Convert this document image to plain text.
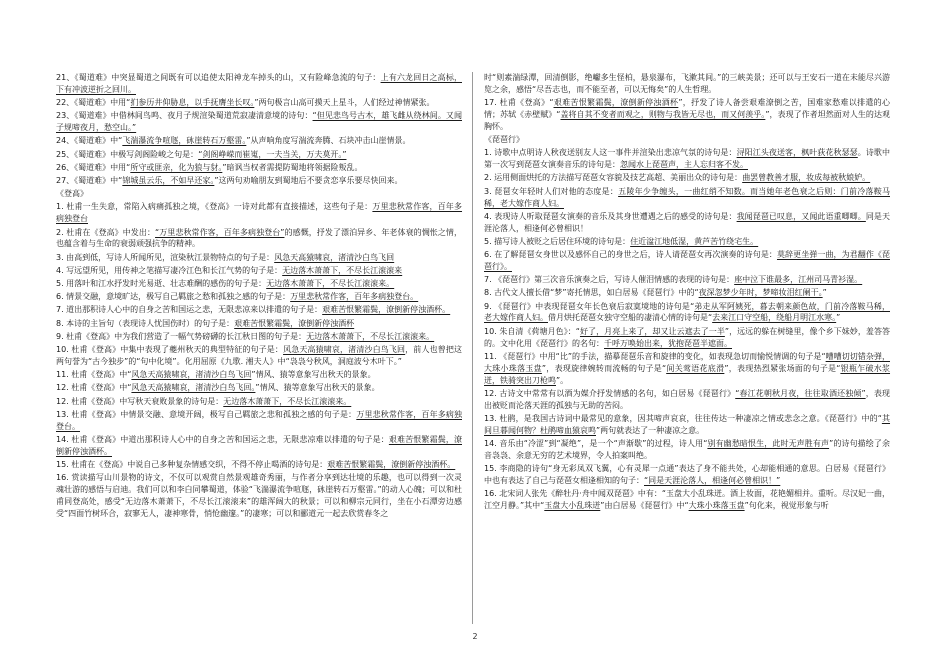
21、《蜀道难》中突显蜀道之间既有可以追使太阳神龙车掉头的山，又有险峰急流的句子：上有六龙回日之高标，下有冲波逆折之回川。
22、《蜀道难》中用“扪参历井仰胁息，以手抚膺坐长叹。”两句极言山高可摸天上星斗，人们经过神情紧张。
23、《蜀道难》中借林间鸟鸣、夜月子规渲染蜀道荒寂凄清意境的诗句：“但见悲鸟号古木，雄飞雌从绕林间。又闻子规啼夜月，愁空山。”
24、《蜀道难》中“飞湍瀑流争喧豗，砯崖转石万壑雷。”从声响角度写湍流奔腾、石块冲击山崖情景。
25、《蜀道难》中极写剑阁险峻之句是：“剑阁峥嵘而崔嵬，一夫当关，万夫莫开。”
26、《蜀道难》中用“所守或匪亲，化为狼与豺。”暗讽当权者需提防蜀地将领据险叛乱。
27、《蜀道难》中“锦城虽云乐，不如早还家。”这两句劝喻朋友到蜀地后不要贪恋享乐要尽快回来。
《登高》
1. 杜甫一生失意，常陷入病痛孤独之境，《登高》一诗对此都有直接描述，这些句子是：万里悲秋常作客，百年多病独登台
2. 杜甫在《登高》中发出：“万里悲秋常作客，百年多病独登台”的感慨，抒发了漂泊异乡、年老体衰的惆怅之情，也蕴含着与生命的衰弱顽强抗争的精神。
3. 由高到低，写诗人所闻所见，渲染秋江景物特点的句子是：风急天高猿啸哀，渚清沙白鸟飞回
4. 写远望所见，用传神之笔描写凄冷江色和长江气势的句子是：无边落木萧萧下，不尽长江滚滚来
5. 用落叶和江水抒发时光易逝、壮志难酬的感伤的句子是：无边落木萧萧下，不尽长江滚滚来。
6. 情景交融，意境旷达，极写自己羁旅之愁和孤独之感的句子是：万里悲秋常作客，百年多病独登台。
7. 道出那积诗人心中的自身之苦和国运之悲，无限悲凉来以排遣的句子是：艰难苦恨繁霜鬓，潦倒新停浊酒杯。
8. 本诗的主旨句（表现诗人忧国伤时）的句子是：艰难苦恨繁霜鬓，潦倒新停浊酒杯
9. 杜甫《登高》中为我们营造了一幅气势磅礴的长江秋日图的句子是：无边落木萧萧下，不尽长江滚滚来。
10. 杜甫《登高》中集中表现了夔州秋天的典型特征的句子是：风急天高猿啸哀，渚清沙白鸟飞回，前人也曾把这两句誉为“古今独步”的“句中化境”。化用屈原《九歌. 湘夫人》中“袅袅兮秋风，洞庭波兮木叶下。”
11. 杜甫《登高》中“风急天高猿啸哀，渚清沙白鸟飞回”情风、猿等意象写出秋天的景象。
12. 杜甫《登高》中“风急天高猿啸哀，渚清沙白鸟飞回。”情风、猿等意象写出秋天的景象。
12. 杜甫《登高》中写秋天衰败景象的诗句是：无边落木萧萧下，不尽长江滚滚来。
13. 杜甫《登高》中情景交融、意境开阔，极写自己羁旅之悲和孤独之感的句子是：万里悲秋常作客，百年多病独登台。
14. 杜甫《登高》中道出那积诗人心中的自身之苦和国运之悲，无限悲凉难以排遣的句子是：艰难苦恨繁霜鬓，潦倒新停浊酒杯。
15. 杜甫在《登高》中说自己多种复杂情感交织，不得不停止喝酒的诗句是：艰难苦恨繁霜鬓，潦倒新停浊酒杯。
16. 赏读描写山川景物的诗文，不仅可以观赏自然景观雄奇秀丽，与作者分享到达壮境的乐趣，也可以得到一次灵魂壮游的感悟与启迪。我们可以和李白同攀蜀道，体验“飞湍瀑流争喧豗，砯崖转石万壑雷。”的动人心魄；可以和杜甫同登高处，感受“无边落木萧萧下，不尽长江滚滚来”的雄浑阔大的秋景；可以和柳宗元同行，坐在小石潭旁边感受“四面竹树环合，寂寥无人，凄神寒骨，悄怆幽邃。”的凄寒；可以和郦道元一起去欣赏春冬之
时“则素湍绿潭，回清倒影，绝巘多生怪柏，悬泉瀑布，飞漱其间。”的三峡美景；还可以与王安石一道在未能尽兴游览之余，感悟“尽吾志也，而不能至者，可以无悔矣”的人生哲理。
17. 杜甫《登高》“艰难苦恨繁霜鬓，潦倒新停浊酒杯”，抒发了诗人备尝艰难潦倒之苦，国难家愁难以排遣的心情；苏轼《赤壁赋》“盖将自其不变者而观之，则物与我皆无尽也，而又何羡乎。”，表现了作者坦然面对人生的达观胸怀。
《琵琶行》
1. 诗歌中点明诗人秋夜送别友人这一事件并渲染出悲凉气氛的诗句是：浔阳江头夜送客，枫叶荻花秋瑟瑟。诗歌中第一次写到琵琶女演奏音乐的诗句是：忽闻水上琵琶声，主人忘归客不发。
2. 运用侧面烘托的方法描写琵琶女容貌及技艺高超、美丽出众的诗句是：曲罢曾教善才服，妆成每被秋娘妒。
3. 琵琶女年轻时人们对他的态度是：五陵年少争缠头，一曲红绡不知数。而当她年老色衰之后则：门前冷落鞍马稀，老大嫁作商人妇。
4. 表现诗人听取琵琶女演奏的音乐及其身世遭遇之后的感受的诗句是：我闻琵琶已叹息，又闻此语重唧唧。同是天涯沦落人，相逢何必曾相识！
5. 描写诗人被贬之后居住环境的诗句是：住近湓江地低湿，黄芦苦竹绕宅生。
6. 在了解琵琶女身世以及感怀自己的身世之后，诗人请琵琶女再次演奏的诗句是：莫辞更坐弹一曲，为君翻作《琵琶行》。
7. 《琵琶行》第三次音乐演奏之后，写诗人催泪情感的表现的诗句是：座中泣下谁最多，江州司马青衫湿。
8. 古代文人擅长借“梦”寄托情思，如白居易《琵琶行》中的“夜深忽梦少年时，梦啼妆泪红阑干。”
9. 《琵琶行》中表现琵琶女年长色衰后寂寞境地的诗句是“弟走从军阿姨死，暮去朝来颜色故，门前冷落鞍马稀，老大嫁作商人妇。借月烘托琵琶女独守空船的凄清心情的诗句是“去来江口守空船，绕船月明江水寒。”
10. 朱自清《荷塘月色》：“好了，月亮上来了，却又让云遮去了一半”，远远的躲在树缝里，像个乡下妹妙，羞答答的。文中化用《琵琶行》的名句：千呼万唤始出来，犹抱琵琶半遮面。
11. 《琵琶行》中用“比”的手法，描摹琵琶乐音和旋律的变化，如表现急切而愉悦情调的句子是“嘈嘈切切错杂弹，大珠小珠落玉盘”，表现旋律婉转而流畅的句子是“间关莺语花底滑”，表现热烈紧张场面的句子是“银瓶乍破水浆迸，铁骑突出刀枪鸣”。
12. 古诗文中常常有以酒为媒介抒发情感的名句，如白居易《琵琶行》“春江花朝秋月夜，往往取酒还独倾”，表现出被贬而沦落天涯的孤独与无助的苦闷。
13. 杜鹃，是我国古诗词中最常见的意象，因其啼声哀哀，往往传达一种凄凉之情或悲念之意。《琵琶行》中的“其间旦暮闻何物？杜鹃啼血猿哀鸣”两句就表达了一种凄凉之意。
14. 音乐由“冷涩”到“凝绝”，是一个“声渐歇”的过程，诗人用“别有幽愁暗恨生，此时无声胜有声”的诗句描绘了余音袅袅、余意无穷的艺术境界，令人拍案叫绝。
15. 李商隐的诗句“身无彩凤双飞翼，心有灵犀一点通”表达了身不能共处，心却能相通的意思。白居易《琵琶行》中也有表达了自己与琵琶女相逢相知的句子：“同是天涯沦落人，相逢何必曾相识！”
16. 北宋词人张先《醉牡丹·舟中闻双琵琶》中有：“玉盘大小乱珠迸。酒上妆面，花艳媚相并。重听。尽汉妃一曲，江空月静。”其中“玉盘大小乱珠迸”由白居易《琵琶行》中“大珠小珠落玉盘”句化来，视觉形象与听
2
